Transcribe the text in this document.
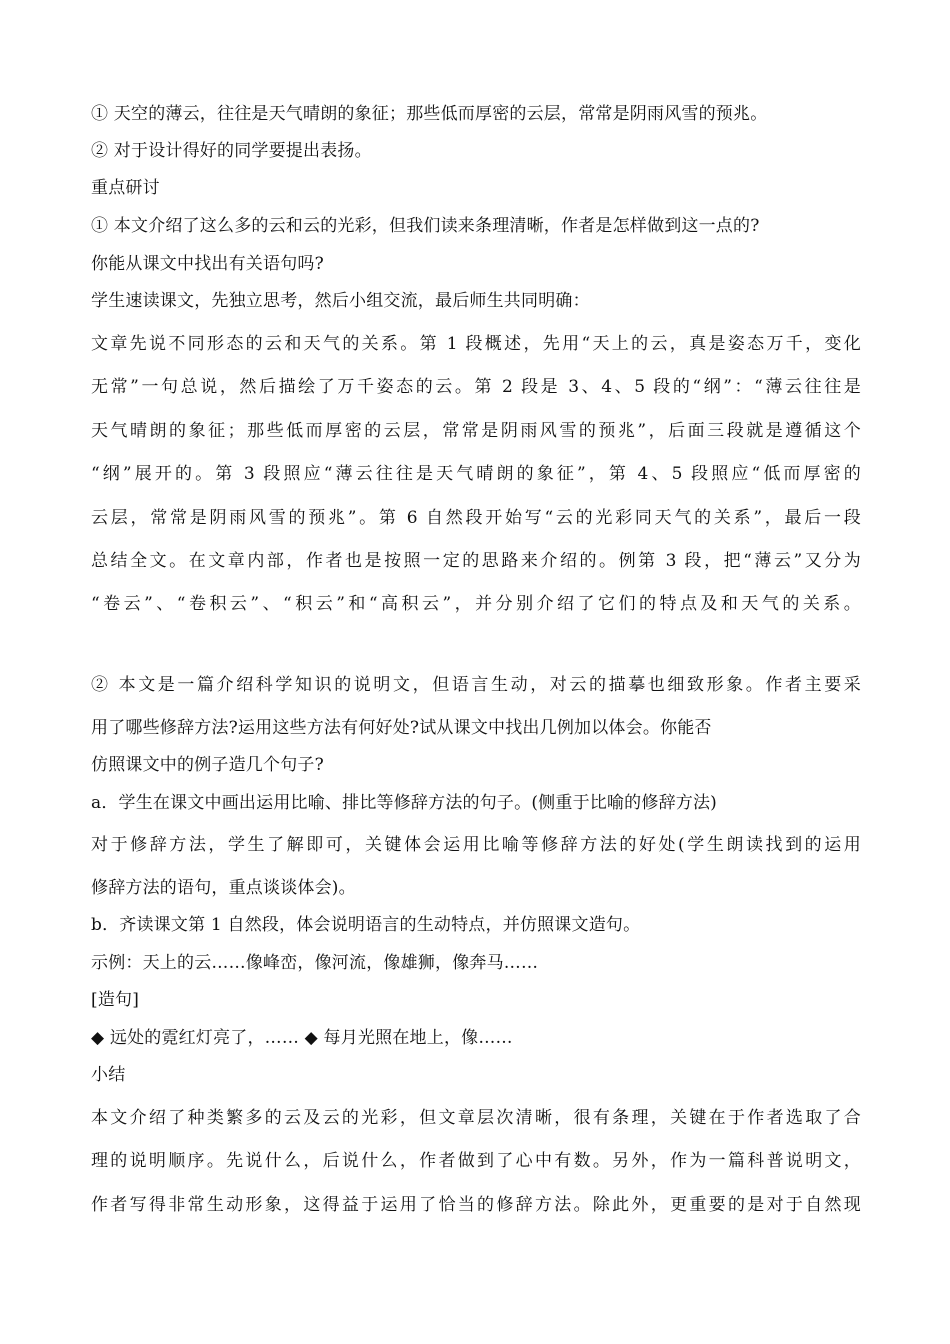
① 天空的薄云，往往是天气晴朗的象征；那些低而厚密的云层，常常是阴雨风雪的预兆。
② 对于设计得好的同学要提出表扬。
重点研讨
① 本文介绍了这么多的云和云的光彩，但我们读来条理清晰，作者是怎样做到这一点的?
你能从课文中找出有关语句吗?
学生速读课文，先独立思考，然后小组交流，最后师生共同明确：
文章先说不同形态的云和天气的关系。第 1 段概述，先用“天上的云，真是姿态万千，变化
无常”一句总说，然后描绘了万千姿态的云。第 2 段是 3、4、5 段的“纲”：“薄云往往是
天气晴朗的象征；那些低而厚密的云层，常常是阴雨风雪的预兆”，后面三段就是遵循这个
“纲”展开的。第 3 段照应“薄云往往是天气晴朗的象征”，第 4、5 段照应“低而厚密的
云层，常常是阴雨风雪的预兆”。第 6 自然段开始写“云的光彩同天气的关系”，最后一段
总结全文。在文章内部，作者也是按照一定的思路来介绍的。例第 3 段，把“薄云”又分为
“卷云”、“卷积云”、“积云”和“高积云”，并分别介绍了它们的特点及和天气的关系。
② 本文是一篇介绍科学知识的说明文，但语言生动，对云的描摹也细致形象。作者主要采
用了哪些修辞方法?运用这些方法有何好处?试从课文中找出几例加以体会。你能否
仿照课文中的例子造几个句子?
a．学生在课文中画出运用比喻、排比等修辞方法的句子。(侧重于比喻的修辞方法)
对于修辞方法，学生了解即可，关键体会运用比喻等修辞方法的好处(学生朗读找到的运用
修辞方法的语句，重点谈谈体会)。
b．齐读课文第 1 自然段，体会说明语言的生动特点，并仿照课文造句。
示例：天上的云……像峰峦，像河流，像雄狮，像奔马……
[造句]
◆ 远处的霓红灯亮了，…… ◆ 每月光照在地上，像……
小结
本文介绍了种类繁多的云及云的光彩，但文章层次清晰，很有条理，关键在于作者选取了合
理的说明顺序。先说什么，后说什么，作者做到了心中有数。另外，作为一篇科普说明文，
作者写得非常生动形象，这得益于运用了恰当的修辞方法。除此外，更重要的是对于自然现
